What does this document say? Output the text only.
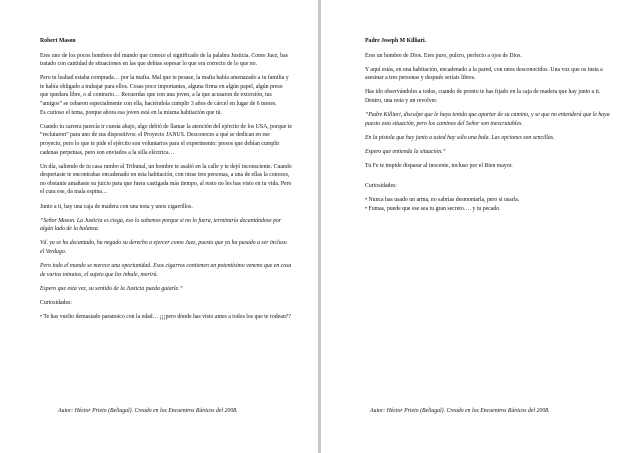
Robert Mason

Eres uno de los pocos hombres del mundo que conoce el significado de la palabra Justicia. Como Juez, has tratado con cantidad de situaciones en las que debías sopesar lo que era correcto de lo que no.

Pero tu lealtad estaba comprada… por la mafia. Mal que te pesase, la mafia había amenazado a tu familia y te había obligado a trabajar para ellos. Cosas poco importantes, alguna firma en algún papel, algún preso que quedara libre, o al contrario… Recuerdas que con una joven, a la que acusaron de extorsión, tus “amigos” se cebaron especialmente con ella, haciéndola cumplir 3 años de cárcel en lugar de 6 meses.

Es curioso el tema, porque ahora esa joven está en la misma habitación que tú.

Cuando tu carrera parecía ir cuesta abajo, algo debió de llamar la atención del ejército de los USA, porque te “reclutaron” para uno de sus dispositivos: el Proyecto JANUS. Desconoces a qué se dedican en ese proyecto, pero lo que te pide el ejército son voluntarios para el experimento: presos que debían cumplir cadenas perpetuas, pero son enviados a la silla eléctrica…

Un día, saliendo de tu casa rumbo al Tribunal, un hombre te asaltó en la calle y te dejó inconsciente. Cuando despertaste te encontrabas encadenado en esta habitación, con otras tres personas, a una de ellas la conoces, no obstante amañaste su juicio para que fuera castigada más tiempo, al resto no les has visto en tu vida. Pero el cura ese, da mala espina…

Junto a ti, hay una caja de madera con una nota y unos cigarrillos.

“Señor Mason. La Justicia es ciega, eso lo sabemos porque si no lo fuera, terminaría decantándose por algún lado de la balanza.

Vd. ya se ha decantado, ha negado su derecho a ejercer como Juez, puesto que ya ha pasado a ser incluso el Verdugo.

Pero todo el mundo se merece una oportunidad. Esos cigarros contienen un potentísimo veneno que en cosa de varios minutos, el sujeto que los inhale, morirá.

Espero que esta vez, su sentido de la Justicia pueda guiarle.”

Curiosidades:

• Te has vuelto demasiado paranoico con la edad… ¡¡¡pero dónde has visto antes a todos los que te rodean??

Autor: Héctor Prieto (Beliagal). Creado en los Encuentros Rúnicos del 2008.
Padre Joseph M Killiari.

Eres un hombre de Dios. Eres puro, pulcro, perfecto a ojos de Dios.

Y aquí estás, en una habitación, encadenado a la pared, con unos desconocidos. Una voz que os insta a asesinar a tres personas y después seríais libres.

Has ido observándoles a todos, cuando de pronto te has fijado en la caja de madera que hay junto a ti. Dentro, una nota y un revolver.

“Padre Killiari, disculpe que le haya tenido que apartar de su camino, y se que no entenderá que le haya puesto esta situación, pero los caminos del Señor son inescrutables.

En la pistola que hay junto a usted hay sólo una bala. Las opciones son sencillas.

Espero que entienda la situación.”

Tu Fe te impide disparar al inocente, incluso por el Bien mayor.

Curiosidades:

• Nunca has usado un arma, no sabrías desmontarla, pero si usarla.

• Fumas, puede que ese sea tu gran secreto…. y tu pecado.

Autor: Héctor Prieto (Beliagal). Creado en los Encuentros Rúnicos del 2008.
